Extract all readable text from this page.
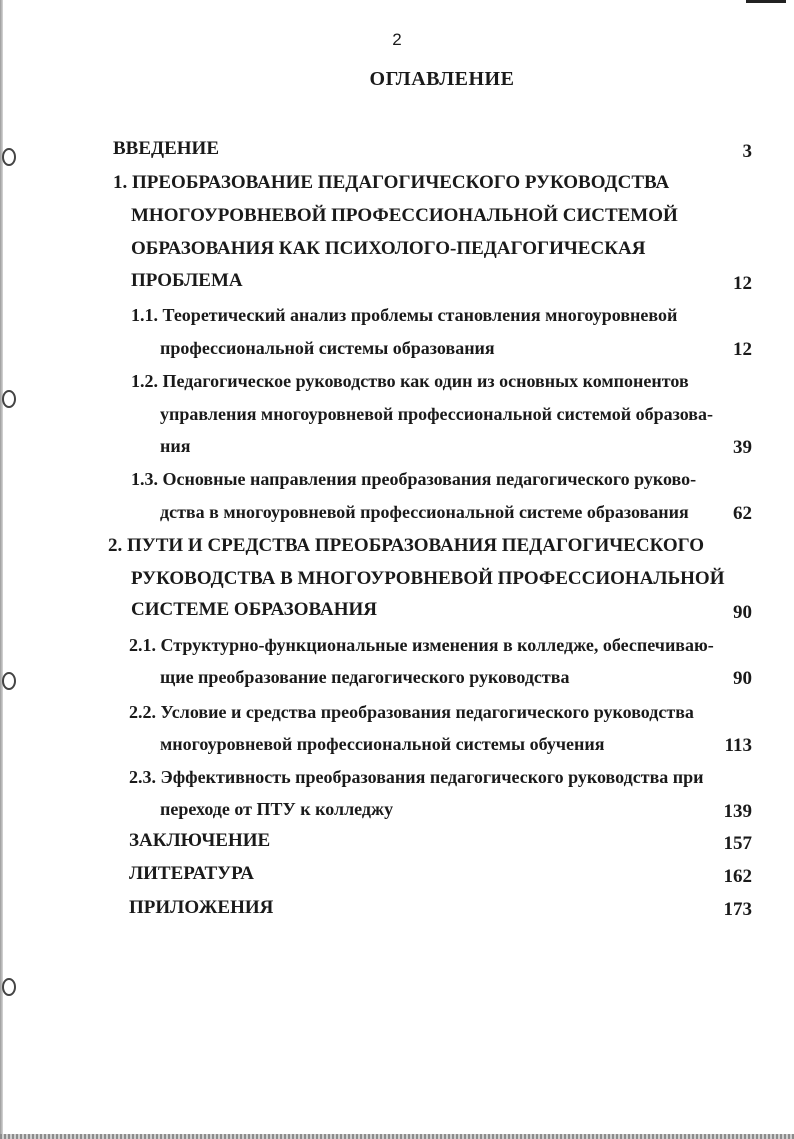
2
ОГЛАВЛЕНИЕ
ВВЕДЕНИЕ	3
1. ПРЕОБРАЗОВАНИЕ ПЕДАГОГИЧЕСКОГО РУКОВОДСТВА
МНОГОУРОВНЕВОЙ ПРОФЕССИОНАЛЬНОЙ СИСТЕМОЙ
ОБРАЗОВАНИЯ КАК ПСИХОЛОГО-ПЕДАГОГИЧЕСКАЯ
ПРОБЛЕМА	12
1.1. Теоретический анализ проблемы становления многоуровневой
профессиональной системы образования	12
1.2. Педагогическое руководство как один из основных компонентов
управления многоуровневой профессиональной системой образова-
ния	39
1.3. Основные направления преобразования педагогического руково-
дства в многоуровневой профессиональной системе образования 62
2. ПУТИ И СРЕДСТВА ПРЕОБРАЗОВАНИЯ ПЕДАГОГИЧЕСКОГО
РУКОВОДСТВА В МНОГОУРОВНЕВОЙ ПРОФЕССИОНАЛЬНОЙ
СИСТЕМЕ ОБРАЗОВАНИЯ	90
2.1. Структурно-функциональные изменения в колледже, обеспечиваю-
щие преобразование педагогического руководства	90
2.2. Условие и средства преобразования педагогического руководства
многоуровневой профессиональной системы обучения	113
2.3. Эффективность преобразования педагогического руководства при
переходе от ПТУ к колледжу	139
ЗАКЛЮЧЕНИЕ	157
ЛИТЕРАТУРА	162
ПРИЛОЖЕНИЯ	173
